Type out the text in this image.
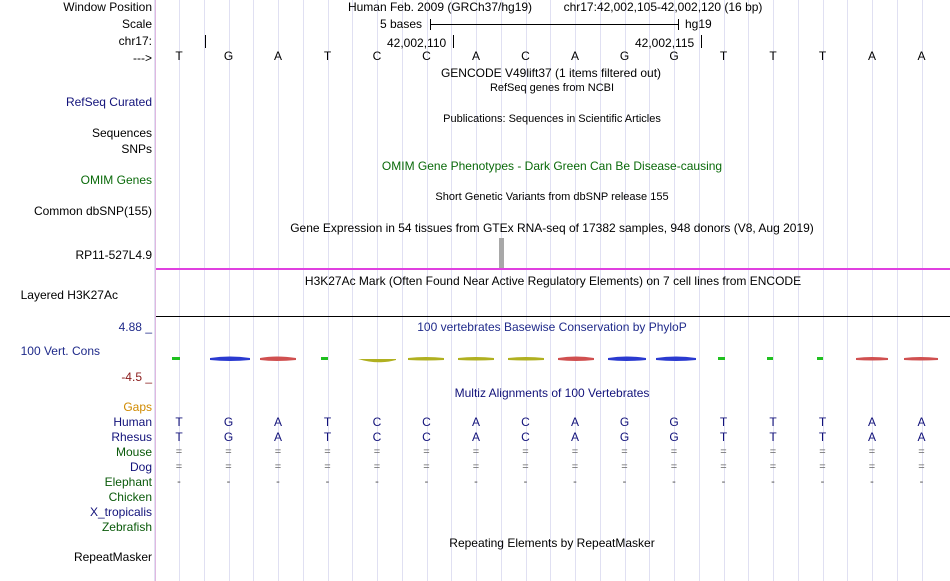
Window Position
Scale
chr17:
--->
RefSeq Curated
Sequences
SNPs
OMIM Genes
Common dbSNP(155)
RP11-527L4.9
Layered H3K27Ac
4.88 _
100 Vert. Cons
-4.5 _
Gaps
Human
Rhesus
Mouse
Dog
Elephant
Chicken
X_tropicalis
Zebrafish
RepeatMasker
Human Feb. 2009 (GRCh37/hg19)	chr17:42,002,105-42,002,120 (16 bp)
5 bases	hg19
42,002,110	42,002,115
T	G	A	T	C	C	A	C	A	G	G	T	T	T	A	A
GENCODE V49lift37 (1 items filtered out)
RefSeq genes from NCBI
Publications: Sequences in Scientific Articles
OMIM Gene Phenotypes - Dark Green Can Be Disease-causing
Short Genetic Variants from dbSNP release 155
Gene Expression in 54 tissues from GTEx RNA-seq of 17382 samples, 948 donors (V8, Aug 2019)
H3K27Ac Mark (Often Found Near Active Regulatory Elements) on 7 cell lines from ENCODE
100 vertebrates Basewise Conservation by PhyloP
Multiz Alignments of 100 Vertebrates
T	G	A	T	C	C	A	C	A	G	G	T	T	T	A	A
T	G	A	T	C	C	A	C	A	G	G	T	T	T	A	A
=	=	=	=	=	=	=	=	=	=	=	=	=	=	=	=
=	=	=	=	=	=	=	=	=	=	=	=	=	=	=	=
-	-	-	-	-	-	-	-	-	-	-	-	-	-	-	-
Repeating Elements by RepeatMasker
